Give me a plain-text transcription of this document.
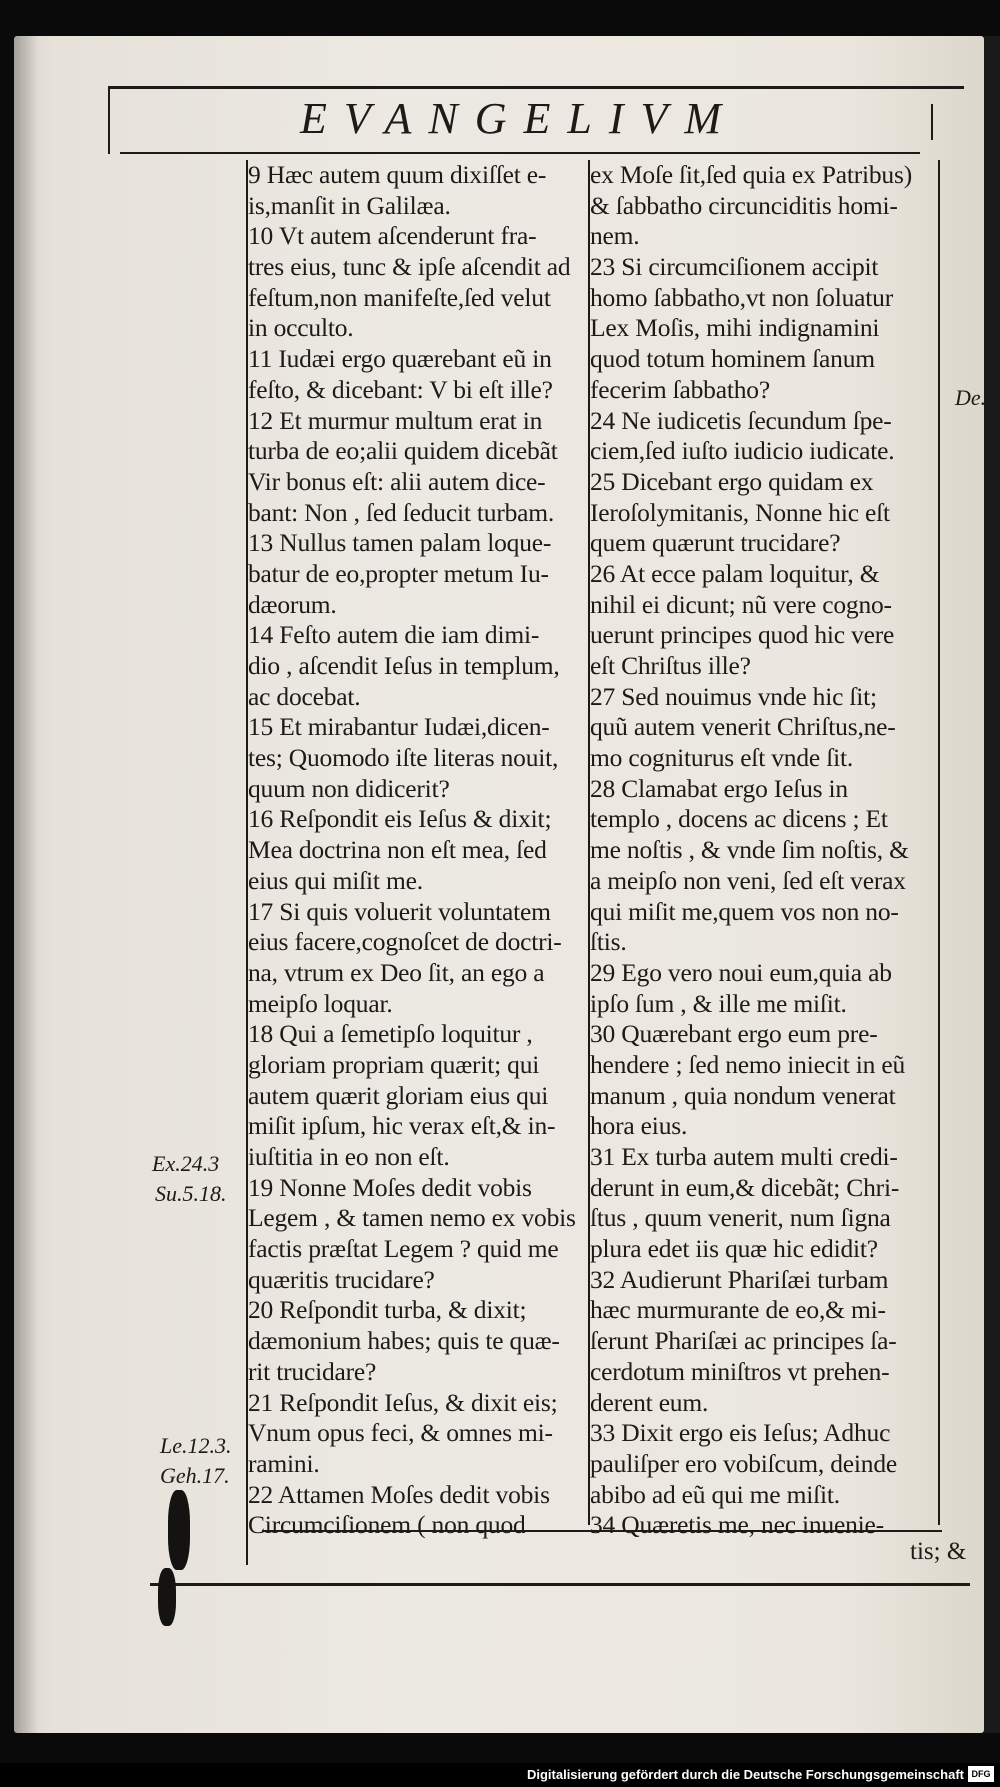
EVANGELIVM
9 Hæc autem quum dixiſſet e-
is,manſit in Galilæa.
10 Vt autem aſcenderunt fra-
tres eius, tunc & ipſe aſcendit ad
feſtum,non manifeſte,ſed velut
in occulto.
11 Iudæi ergo quærebant eũ in
feſto, & dicebant: V bi eſt ille?
12 Et murmur multum erat in
turba de eo;alii quidem dicebãt
Vir bonus eſt: alii autem dice-
bant: Non , ſed ſeducit turbam.
13 Nullus tamen palam loque-
batur de eo,propter metum Iu-
dæorum.
14 Feſto autem die iam dimi-
dio , aſcendit Ieſus in templum,
ac docebat.
15 Et mirabantur Iudæi,dicen-
tes; Quomodo iſte literas nouit,
quum non didicerit?
16 Reſpondit eis Ieſus & dixit;
Mea doctrina non eſt mea, ſed
eius qui miſit me.
17 Si quis voluerit voluntatem
eius facere,cognoſcet de doctri-
na, vtrum ex Deo ſit, an ego a
meipſo loquar.
18 Qui a ſemetipſo loquitur ,
gloriam propriam quærit; qui
autem quærit gloriam eius qui
miſit ipſum, hic verax eſt,& in-
iuſtitia in eo non eſt.
19 Nonne Moſes dedit vobis
Legem , & tamen nemo ex vobis
factis præſtat Legem ? quid me
quæritis trucidare?
20 Reſpondit turba, & dixit;
dæmonium habes; quis te quæ-
rit trucidare?
21 Reſpondit Ieſus, & dixit eis;
Vnum opus feci, & omnes mi-
ramini.
22 Attamen Moſes dedit vobis
Circumciſionem ( non quod
ex Moſe ſit,ſed quia ex Patribus)
& ſabbatho circunciditis homi-
nem.
23 Si circumciſionem accipit
homo ſabbatho,vt non ſoluatur
Lex Moſis, mihi indignamini
quod totum hominem ſanum
fecerim ſabbatho?
24 Ne iudicetis ſecundum ſpe-
ciem,ſed iuſto iudicio iudicate.
25 Dicebant ergo quidam ex
Ieroſolymitanis, Nonne hic eſt
quem quærunt trucidare?
26 At ecce palam loquitur, &
nihil ei dicunt; nũ vere cogno-
uerunt principes quod hic vere
eſt Chriſtus ille?
27 Sed nouimus vnde hic ſit;
quũ autem venerit Chriſtus,ne-
mo cogniturus eſt vnde ſit.
28 Clamabat ergo Ieſus in
templo , docens ac dicens ; Et
me noſtis , & vnde ſim noſtis, &
a meipſo non veni, ſed eſt verax
qui miſit me,quem vos non no-
ſtis.
29 Ego vero noui eum,quia ab
ipſo ſum , & ille me miſit.
30 Quærebant ergo eum pre-
hendere ; ſed nemo iniecit in eũ
manum , quia nondum venerat
hora eius.
31 Ex turba autem multi credi-
derunt in eum,& dicebãt; Chri-
ſtus , quum venerit, num ſigna
plura edet iis quæ hic edidit?
32 Audierunt Phariſæi turbam
hæc murmurante de eo,& mi-
ſerunt Phariſæi ac principes ſa-
cerdotum miniſtros vt prehen-
derent eum.
33 Dixit ergo eis Ieſus; Adhuc
pauliſper ero vobiſcum, deinde
abibo ad eũ qui me miſit.
34 Quæretis me, nec inuenie-
De.
Ex.24.3
Su.5.18.
Le.12.3.
Geh.17.
tis; &
Digitalisierung gefördert durch die Deutsche Forschungsgemeinschaft DFG
